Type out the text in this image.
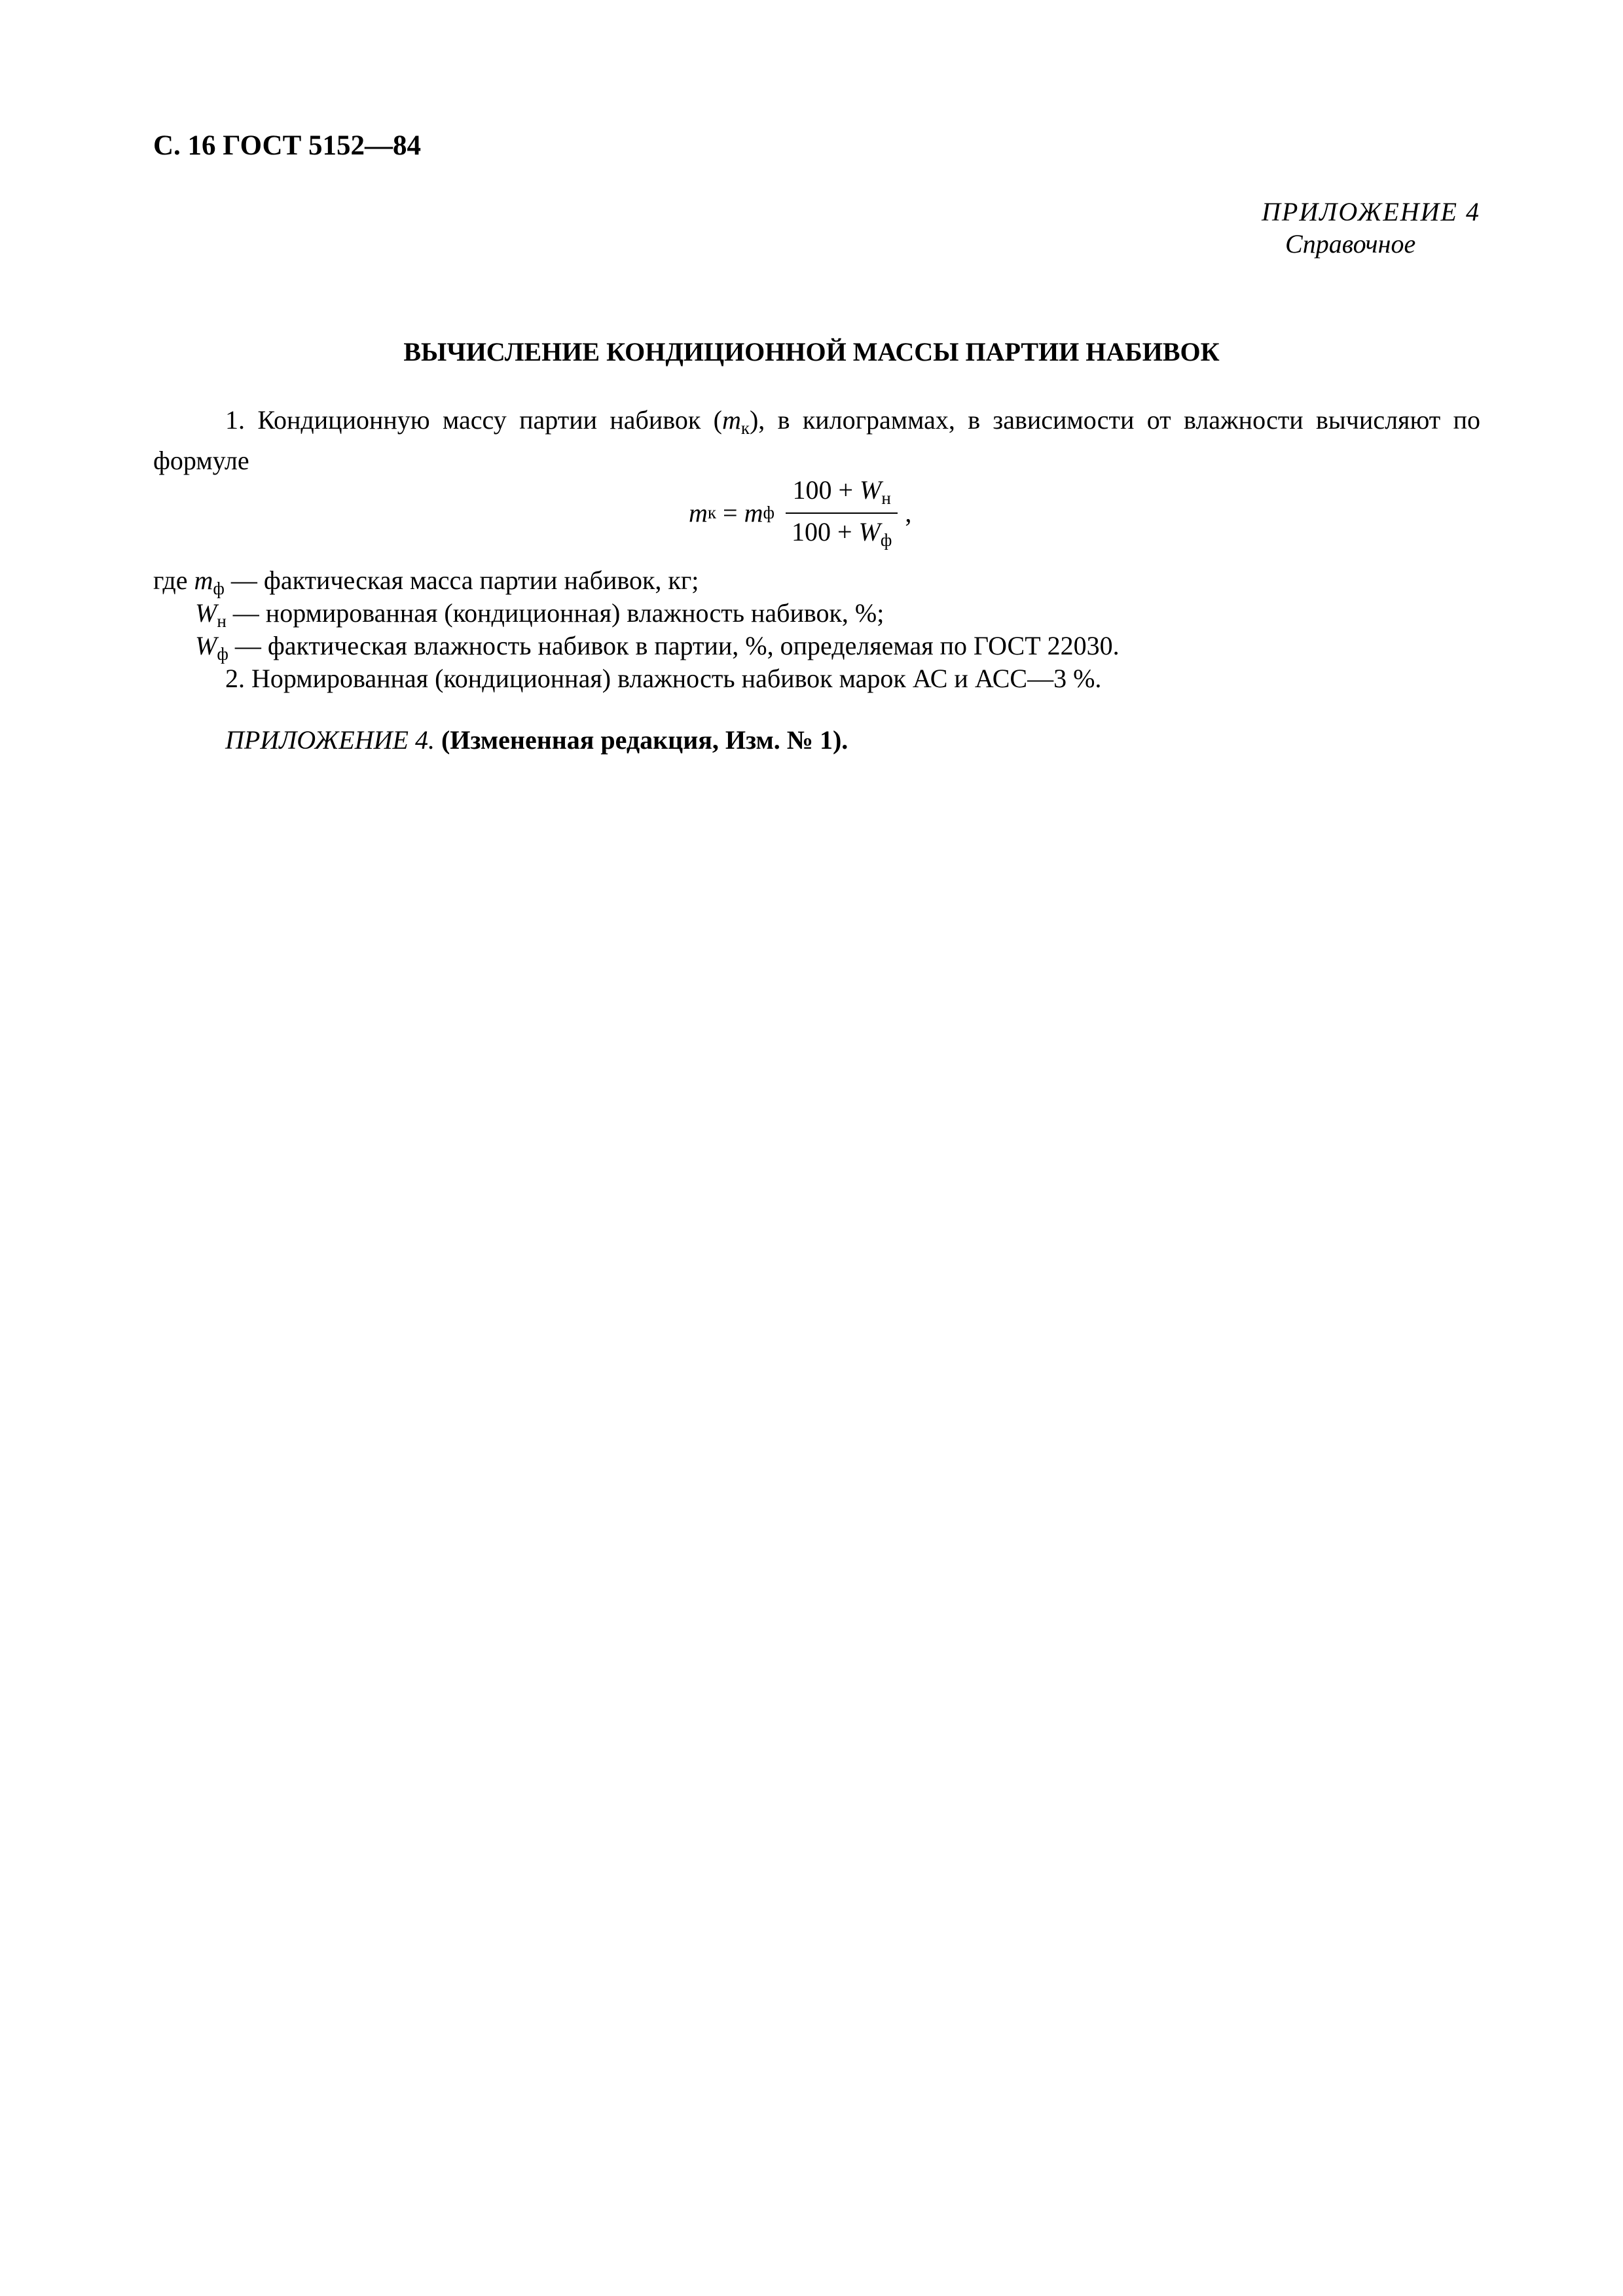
С. 16 ГОСТ 5152—84
ПРИЛОЖЕНИЕ 4
Справочное
ВЫЧИСЛЕНИЕ КОНДИЦИОННОЙ МАССЫ ПАРТИИ НАБИВОК

1. Кондиционную массу партии набивок $(m_к)$, в килограммах, в зависимости от влажности вычисляют по формуле

m к = m ф $\frac{100 + W_н}{100 + W_ф}$ ,

где $m_ф$ — фактическая масса партии набивок, кг;

$W_н$ — нормированная (кондиционная) влажность набивок, %;

$W_ф$ — фактическая влажность набивок в партии, %, определяемая по ГОСТ 22030.

2. Нормированная (кондиционная) влажность набивок марок АС и АСС—3 %.

ПРИЛОЖЕНИЕ 4. (Измененная редакция, Изм. № 1).
